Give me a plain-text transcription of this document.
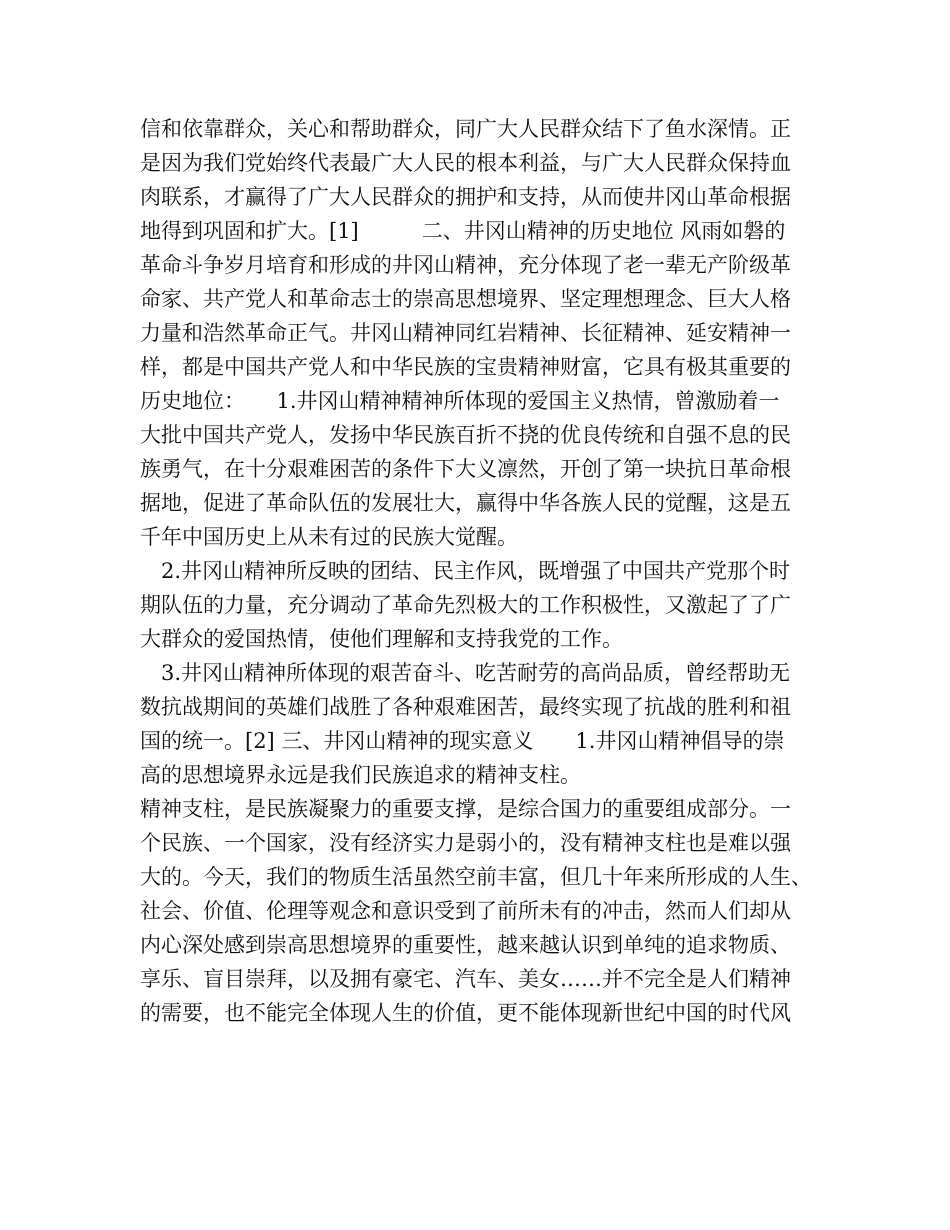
信和依靠群众，关心和帮助群众，同广大人民群众结下了鱼水深情。正
是因为我们党始终代表最广大人民的根本利益，与广大人民群众保持血
肉联系，才赢得了广大人民群众的拥护和支持，从而使井冈山革命根据
地得到巩固和扩大。[1]　　　二、井冈山精神的历史地位 风雨如磐的
革命斗争岁月培育和形成的井冈山精神，充分体现了老一辈无产阶级革
命家、共产党人和革命志士的崇高思想境界、坚定理想理念、巨大人格
力量和浩然革命正气。井冈山精神同红岩精神、长征精神、延安精神一
样，都是中国共产党人和中华民族的宝贵精神财富，它具有极其重要的
历史地位：　　1.井冈山精神精神所体现的爱国主义热情，曾激励着一
大批中国共产党人，发扬中华民族百折不挠的优良传统和自强不息的民
族勇气，在十分艰难困苦的条件下大义凛然，开创了第一块抗日革命根
据地，促进了革命队伍的发展壮大，赢得中华各族人民的觉醒，这是五
千年中国历史上从未有过的民族大觉醒。
　2.井冈山精神所反映的团结、民主作风，既增强了中国共产党那个时
期队伍的力量，充分调动了革命先烈极大的工作积极性，又激起了了广
大群众的爱国热情，使他们理解和支持我党的工作。
　3.井冈山精神所体现的艰苦奋斗、吃苦耐劳的高尚品质，曾经帮助无
数抗战期间的英雄们战胜了各种艰难困苦，最终实现了抗战的胜利和祖
国的统一。[2] 三、井冈山精神的现实意义　　1.井冈山精神倡导的崇
高的思想境界永远是我们民族追求的精神支柱。
精神支柱，是民族凝聚力的重要支撑，是综合国力的重要组成部分。一
个民族、一个国家，没有经济实力是弱小的，没有精神支柱也是难以强
大的。今天，我们的物质生活虽然空前丰富，但几十年来所形成的人生、
社会、价值、伦理等观念和意识受到了前所未有的冲击，然而人们却从
内心深处感到崇高思想境界的重要性，越来越认识到单纯的追求物质、
享乐、盲目崇拜，以及拥有豪宅、汽车、美女……并不完全是人们精神
的需要，也不能完全体现人生的价值，更不能体现新世纪中国的时代风
